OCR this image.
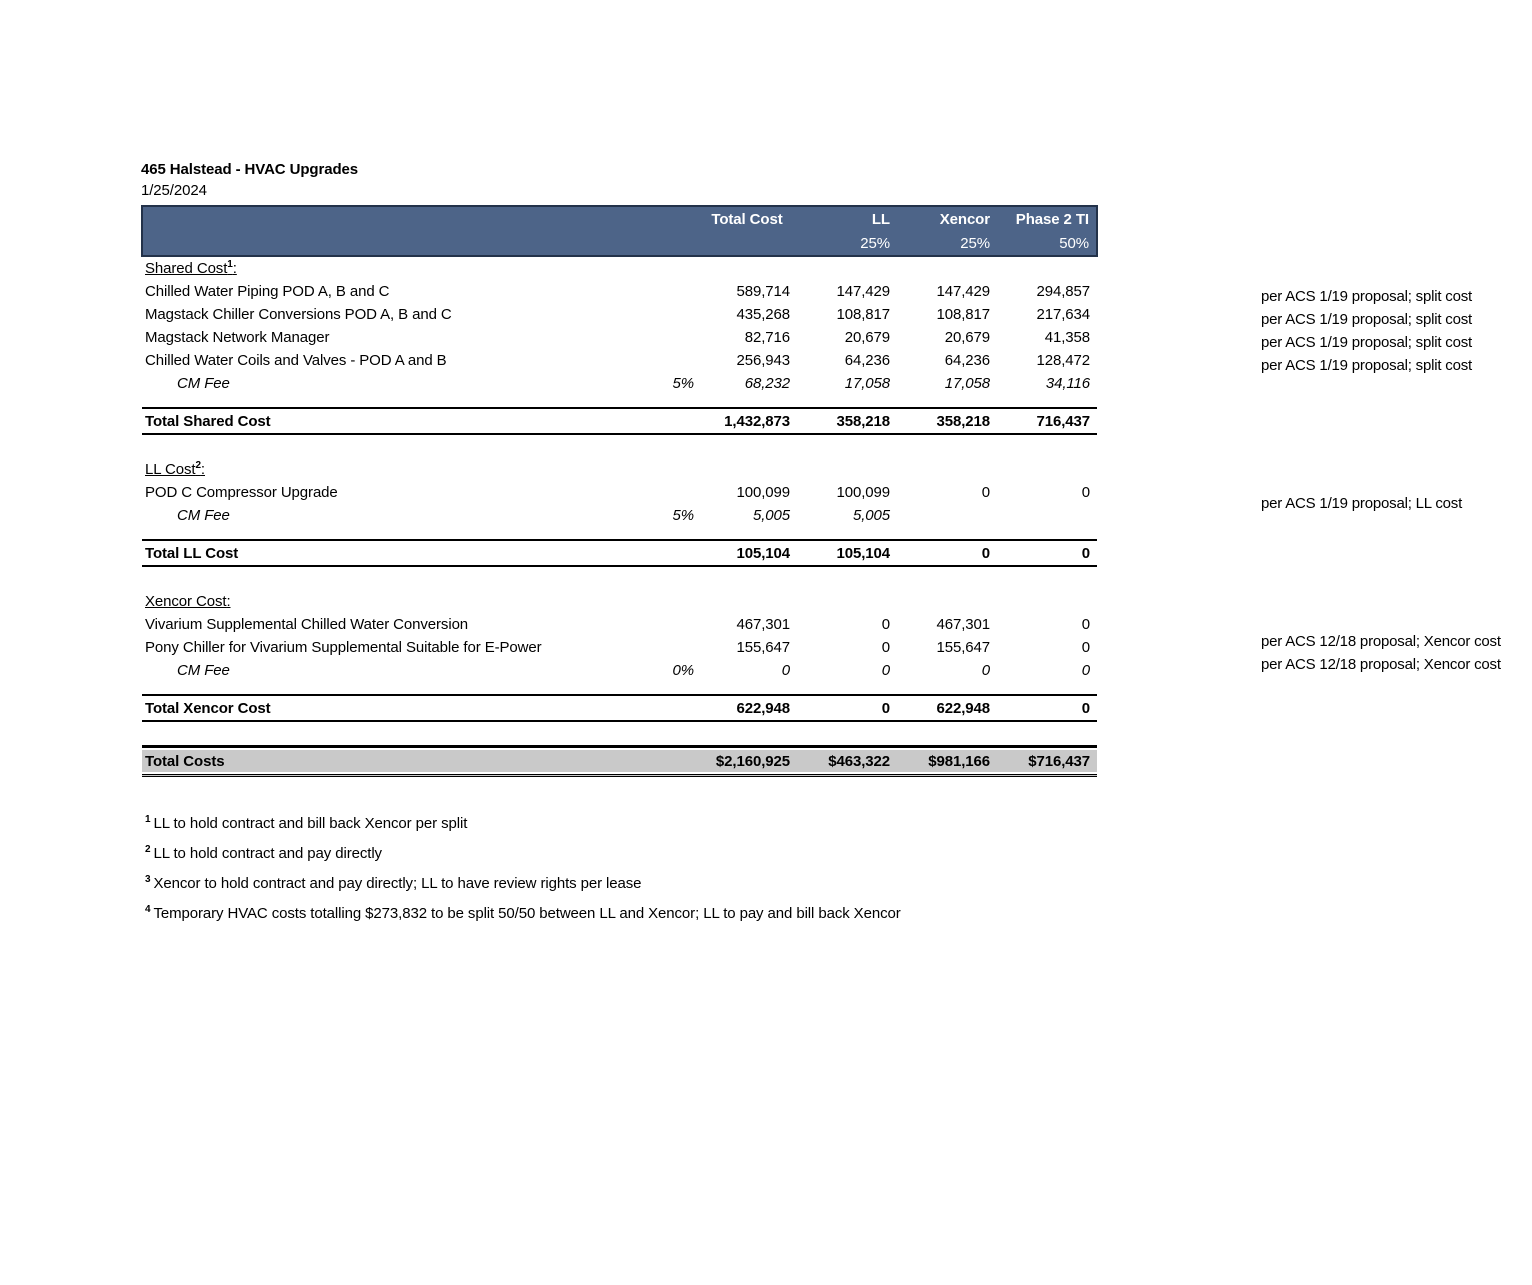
465 Halstead - HVAC Upgrades
1/25/2024
		Total Cost	LL	Xencor	Phase 2 TI
			25%	25%	50%
Shared Cost$^1$:					
Chilled Water Piping POD A, B and C		589,714	147,429	147,429	294,857
Magstack Chiller Conversions POD A, B and C		435,268	108,817	108,817	217,634
Magstack Network Manager		82,716	20,679	20,679	41,358
Chilled Water Coils and Valves - POD A and B		256,943	64,236	64,236	128,472
CM Fee	5%	68,232	17,058	17,058	34,116

Total Shared Cost		1,432,873	358,218	358,218	716,437

LL Cost$^2$:					
POD C Compressor Upgrade		100,099	100,099	0	0
CM Fee	5%	5,005	5,005		

Total LL Cost		105,104	105,104	0	0

Xencor Cost:					
Vivarium Supplemental Chilled Water Conversion		467,301	0	467,301	0
Pony Chiller for Vivarium Supplemental Suitable for E-Power		155,647	0	155,647	0
CM Fee	0%	0	0	0	0

Total Xencor Cost		622,948	0	622,948	0

Total Costs		$2,160,925	$463,322	$981,166	$716,437
per ACS 1/19 proposal; split cost
per ACS 1/19 proposal; split cost
per ACS 1/19 proposal; split cost
per ACS 1/19 proposal; split cost
per ACS 1/19 proposal; LL cost
per ACS 12/18 proposal; Xencor cost
per ACS 12/18 proposal; Xencor cost
$^1$ LL to hold contract and bill back Xencor per split
$^2$ LL to hold contract and pay directly
$^3$ Xencor to hold contract and pay directly; LL to have review rights per lease
$^4$ Temporary HVAC costs totalling $273,832 to be split 50/50 between LL and Xencor; LL to pay and bill back Xencor
